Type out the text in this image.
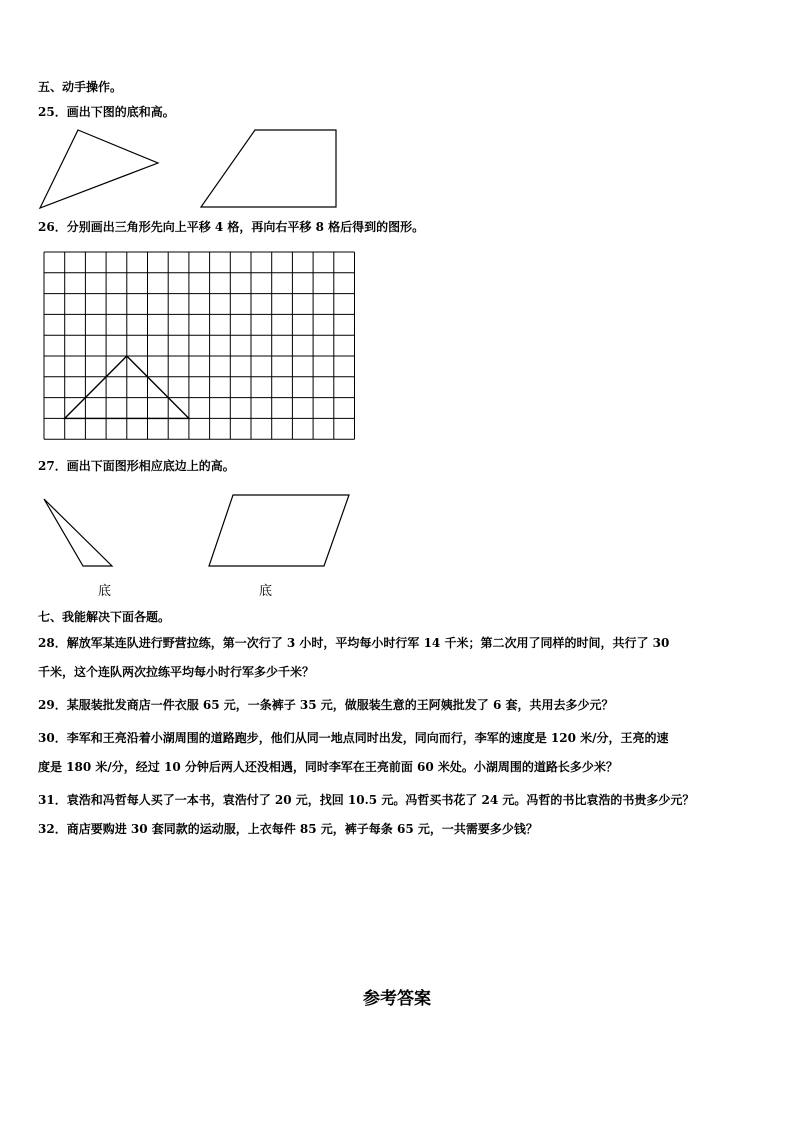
五、动手操作。
25．画出下图的底和高。
26．分别画出三角形先向上平移 4 格，再向右平移 8 格后得到的图形。
27．画出下面图形相应底边上的高。
底	底
七、我能解决下面各题。
28．解放军某连队进行野营拉练，第一次行了 3 小时，平均每小时行军 14 千米；第二次用了同样的时间，共行了 30
千米，这个连队两次拉练平均每小时行军多少千米？
29．某服装批发商店一件衣服 65 元，一条裤子 35 元，做服装生意的王阿姨批发了 6 套，共用去多少元？
30．李军和王亮沿着小湖周围的道路跑步，他们从同一地点同时出发，同向而行，李军的速度是 120 米/分，王亮的速
度是 180 米/分，经过 10 分钟后两人还没相遇，同时李军在王亮前面 60 米处。小湖周围的道路长多少米？
31．袁浩和冯哲每人买了一本书，袁浩付了 20 元，找回 10.5 元。冯哲买书花了 24 元。冯哲的书比袁浩的书贵多少元？
32．商店要购进 30 套同款的运动服，上衣每件 85 元，裤子每条 65 元，一共需要多少钱？
参考答案
